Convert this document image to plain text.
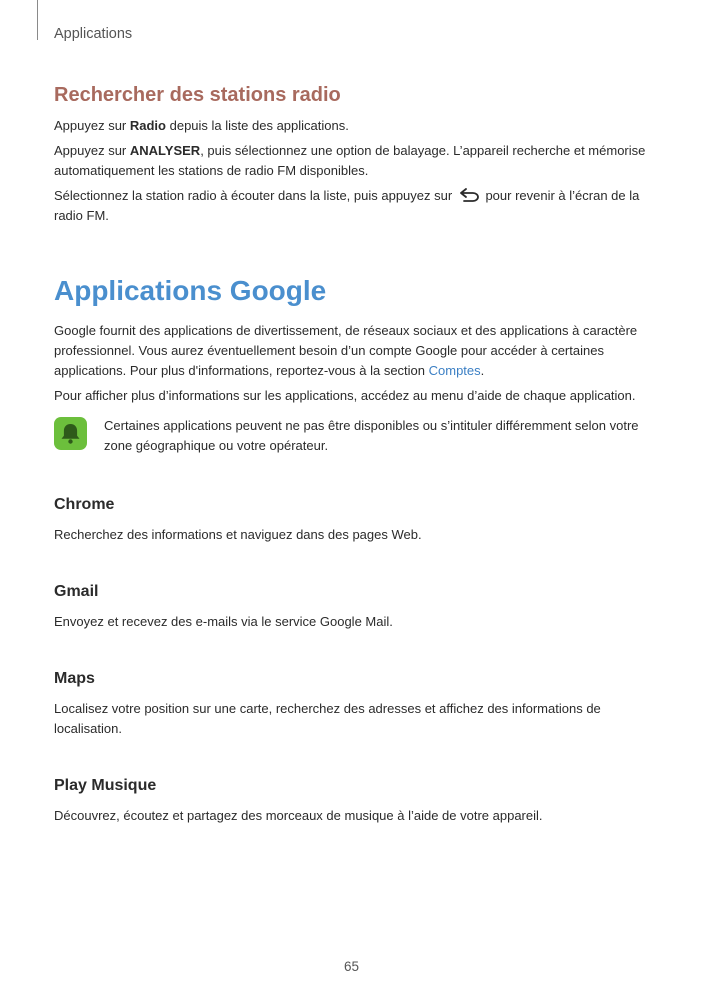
Applications
Rechercher des stations radio

Appuyez sur Radio depuis la liste des applications.

Appuyez sur ANALYSER, puis sélectionnez une option de balayage. L’appareil recherche et mémorise automatiquement les stations de radio FM disponibles.

Sélectionnez la station radio à écouter dans la liste, puis appuyez sur	pour revenir à l’écran de la radio FM.

Applications Google

Google fournit des applications de divertissement, de réseaux sociaux et des applications à caractère professionnel. Vous aurez éventuellement besoin d’un compte Google pour accéder à certaines applications. Pour plus d'informations, reportez-vous à la section Comptes.

Pour afficher plus d’informations sur les applications, accédez au menu d’aide de chaque application.

Certaines applications peuvent ne pas être disponibles ou s’intituler différemment selon votre zone géographique ou votre opérateur.

Chrome

Recherchez des informations et naviguez dans des pages Web.

Gmail

Envoyez et recevez des e-mails via le service Google Mail.

Maps

Localisez votre position sur une carte, recherchez des adresses et affichez des informations de localisation.

Play Musique

Découvrez, écoutez et partagez des morceaux de musique à l’aide de votre appareil.

65
